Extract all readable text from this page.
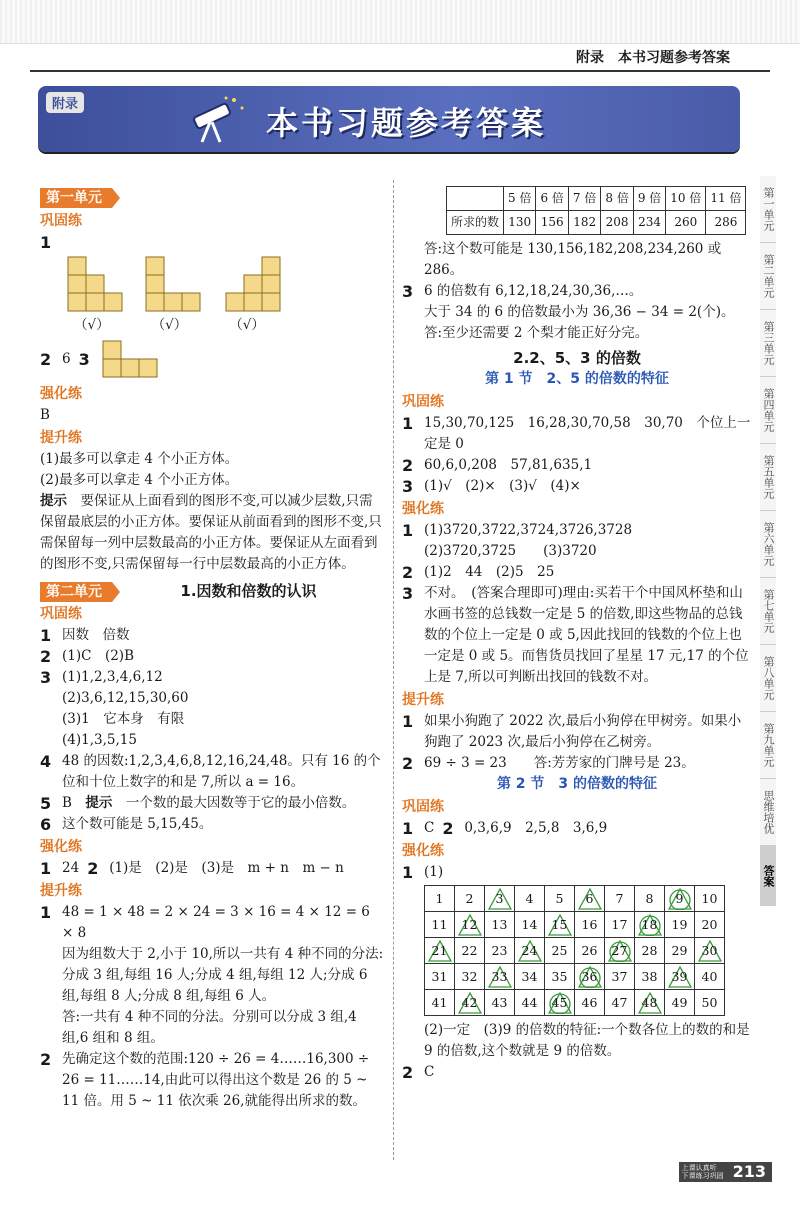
附录　本书习题参考答案
附录	本书习题参考答案
第一单元
第二单元
第三单元
第四单元
第五单元
第六单元
第七单元
第八单元
第九单元
思维培优
答案
第一单元
巩固练
1
（√）	（√）	（√）
2 6 3
强化练
B
提升练
(1)最多可以拿走 4 个小正方体。
(2)最多可以拿走 4 个小正方体。
提示　要保证从上面看到的图形不变,可以减少层数,只需保留最底层的小正方体。要保证从前面看到的图形不变,只需保留每一列中层数最高的小正方体。要保证从左面看到的图形不变,只需保留每一行中层数最高的小正方体。
第二单元	1.因数和倍数的认识
巩固练
1 因数　倍数
2 (1)C　(2)B
3 (1)1,2,3,4,6,12
(2)3,6,12,15,30,60
(3)1　它本身　有限
(4)1,3,5,15
4 48 的因数:1,2,3,4,6,8,12,16,24,48。只有 16 的个位和十位上数字的和是 7,所以 a = 16。
5 B　 提示　一个数的最大因数等于它的最小倍数。
6 这个数可能是 5,15,45。
强化练
1 24 2 (1)是　(2)是　(3)是　m + n　m − n
提升练
1 48 = 1 × 48 = 2 × 24 = 3 × 16 = 4 × 12 = 6 × 8
因为组数大于 2,小于 10,所以一共有 4 种不同的分法:分成 3 组,每组 16 人;分成 4 组,每组 12 人;分成 6 组,每组 8 人;分成 8 组,每组 6 人。
答:一共有 4 种不同的分法。分别可以分成 3 组,4 组,6 组和 8 组。
2 先确定这个数的范围:120 ÷ 26 = 4……16,300 ÷ 26 = 11……14,由此可以得出这个数是 26 的 5 ~ 11 倍。用 5 ~ 11 依次乘 26,就能得出所求的数。
	5 倍	6 倍	7 倍	8 倍	9 倍	10 倍	11 倍
所求的数	130	156	182	208	234	260	286
答:这个数可能是 130,156,182,208,234,260 或 286。
3 6 的倍数有 6,12,18,24,30,36,…。
大于 34 的 6 的倍数最小为 36,36 − 34 = 2(个)。
答:至少还需要 2 个梨才能正好分完。
2.2、5、3 的倍数
第 1 节　2、5 的倍数的特征
巩固练
1 15,30,70,125　16,28,30,70,58　30,70　个位上一定是 0
2 60,6,0,208　57,81,635,1
3 (1)√　(2)×　(3)√　(4)×
强化练
1 (1)3720,3722,3724,3726,3728
(2)3720,3725　　(3)3720
2 (1)2　44　(2)5　25
3 不对。　(答案合理即可)理由:买若干个中国风杯垫和山水画书签的总钱数一定是 5 的倍数,即这些物品的总钱数的个位上一定是 0 或 5,因此找回的钱数的个位上也一定是 0 或 5。而售货员找回了星星 17 元,17 的个位上是 7,所以可判断出找回的钱数不对。
提升练
1 如果小狗跑了 2022 次,最后小狗停在甲树旁。如果小狗跑了 2023 次,最后小狗停在乙树旁。
2 69 ÷ 3 = 23　　答:芳芳家的门牌号是 23。
第 2 节　3 的倍数的特征
巩固练
1 C 2 0,3,6,9　2,5,8　3,6,9
强化练
1 (1)
1	2	3	4	5	6	7	8	9	10
11	12	13	14	15	16	17	18	19	20

21	22	23	24	25	26	27	28	29	30
31	32	33	34	35	36	37	38	39	40
41	42	43	44	45	46	47	48	49	50
(2)一定　(3)9 的倍数的特征:一个数各位上的数的和是 9 的倍数,这个数就是 9 的倍数。
2 C
上课认真听
下课练习巩固 213
